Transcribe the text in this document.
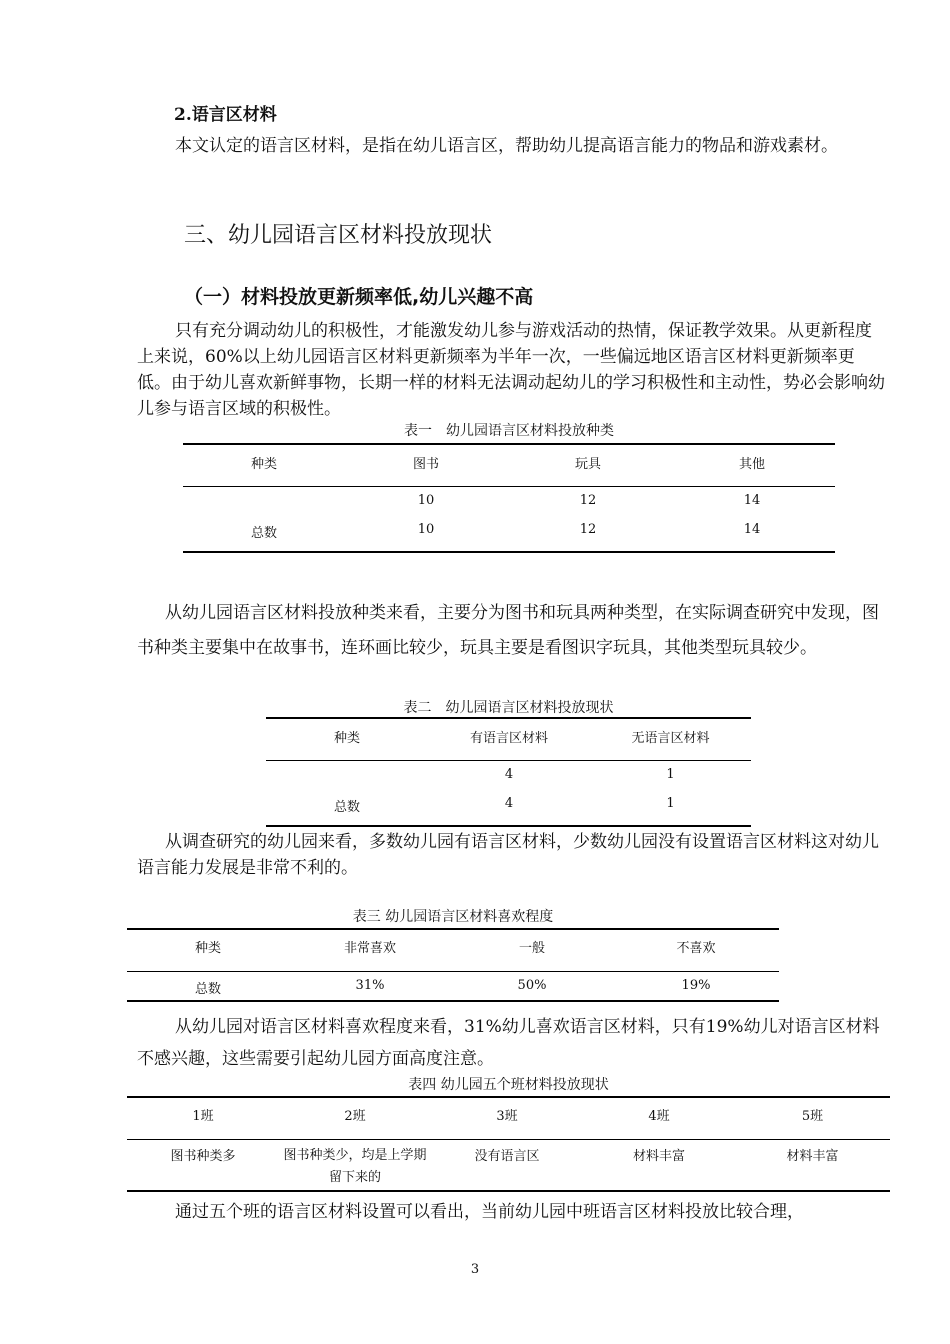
2.语言区材料

本文认定的语言区材料，是指在幼儿语言区，帮助幼儿提高语言能力的物品和游戏素材。

三、幼儿园语言区材料投放现状
（一）材料投放更新频率低,幼儿兴趣不高

只有充分调动幼儿的积极性，才能激发幼儿参与游戏活动的热情，保证教学效果。从更新程度上来说，60%以上幼儿园语言区材料更新频率为半年一次，一些偏远地区语言区材料更新频率更低。由于幼儿喜欢新鲜事物，长期一样的材料无法调动起幼儿的学习积极性和主动性，势必会影响幼儿参与语言区域的积极性。

表一　幼儿园语言区材料投放种类
种类	图书	玩具	其他
	10	12	14
总数	10	12	14

从幼儿园语言区材料投放种类来看，主要分为图书和玩具两种类型，在实际调查研究中发现，图书种类主要集中在故事书，连环画比较少，玩具主要是看图识字玩具，其他类型玩具较少。

表二　幼儿园语言区材料投放现状
种类	有语言区材料	无语言区材料
	4	1
总数	4	1

从调查研究的幼儿园来看，多数幼儿园有语言区材料，少数幼儿园没有设置语言区材料这对幼儿语言能力发展是非常不利的。

表三 幼儿园语言区材料喜欢程度
种类	非常喜欢	一般	不喜欢
总数	31%	50%	19%

从幼儿园对语言区材料喜欢程度来看，31%幼儿喜欢语言区材料，只有19%幼儿对语言区材料不感兴趣，这些需要引起幼儿园方面高度注意。

表四 幼儿园五个班材料投放现状
1班	2班	3班	4班	5班
图书种类多	图书种类少，均是上学期留下来的	没有语言区	材料丰富	材料丰富

通过五个班的语言区材料设置可以看出，当前幼儿园中班语言区材料投放比较合理，

3
